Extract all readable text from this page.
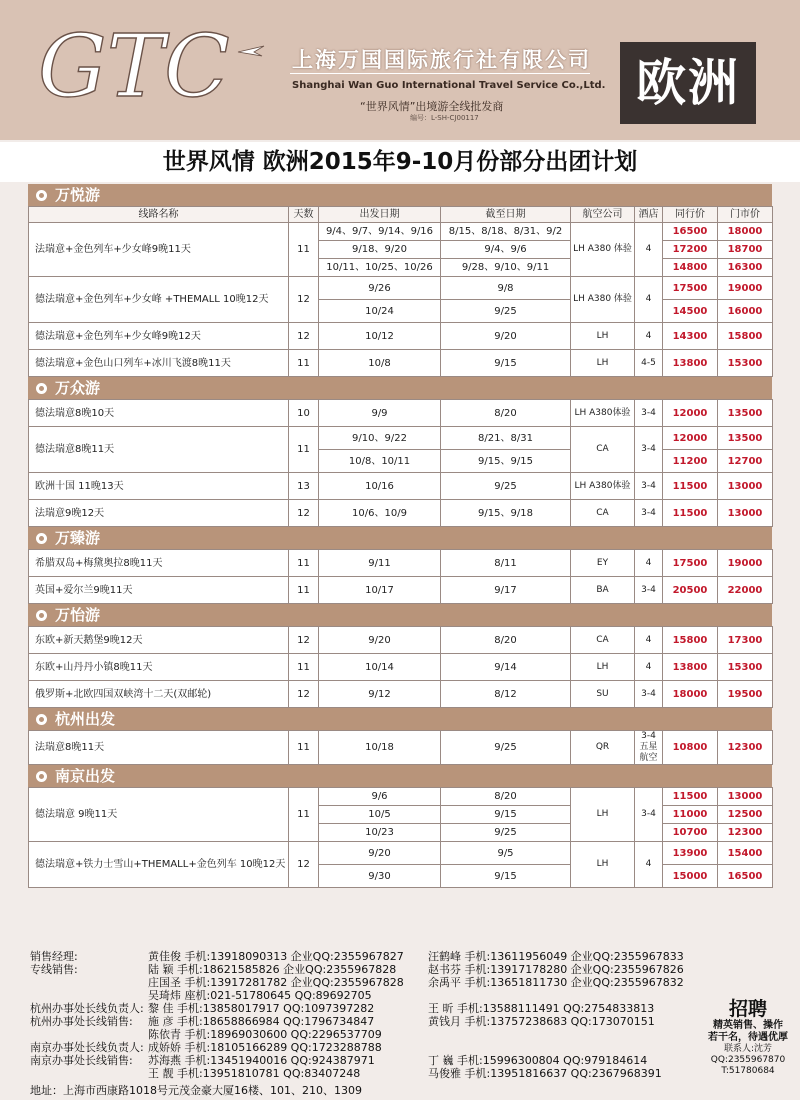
GTC	上海万国国际旅行社有限公司
Shanghai Wan Guo International Travel Service Co.,Ltd.
“世界风情”出境游全线批发商
编号：L-SH-CJ00117
欧洲
世界风情 欧洲2015年9-10月份部分出团计划
万悦游
线路名称	天数	出发日期	截至日期	航空公司	酒店	同行价	门市价
法瑞意+金色列车+少女峰9晚11天	11	9/4、9/7、9/14、9/16	8/15、8/18、8/31、9/2	LH A380 体验	4	16500	18000
		9/18、9/20	9/4、9/6			17200	18700
		10/11、10/25、10/26	9/28、9/10、9/11			14800	16300
德法瑞意+金色列车+少女峰 +THEMALL 10晚12天	12	9/26	9/8	LH A380 体验	4	17500	19000
		10/24	9/25			14500	16000
德法瑞意+金色列车+少女峰9晚12天	12	10/12	9/20	LH	4	14300	15800
德法瑞意+金色山口列车+冰川飞渡8晚11天	11	10/8	9/15	LH	4-5	13800	15300
万众游
德法瑞意8晚10天	10	9/9	8/20	LH A380体验	3-4	12000	13500
德法瑞意8晚11天	11	9/10、9/22	8/21、8/31	CA	3-4	12000	13500
		10/8、10/11	9/15、9/15			11200	12700
欧洲十国 11晚13天	13	10/16	9/25	LH A380体验	3-4	11500	13000
法瑞意9晚12天	12	10/6、10/9	9/15、9/18	CA	3-4	11500	13000
万臻游
希腊双岛+梅黛奥拉8晚11天	11	9/11	8/11	EY	4	17500	19000
英国+爱尔兰9晚11天	11	10/17	9/17	BA	3-4	20500	22000
万怡游
东欧+新天鹅堡9晚12天	12	9/20	8/20	CA	4	15800	17300
东欧+山丹丹小镇8晚11天	11	10/14	9/14	LH	4	13800	15300
俄罗斯+北欧四国双峡湾十二天(双邮轮)	12	9/12	8/12	SU	3-4	18000	19500
杭州出发
法瑞意8晚11天	11	10/18	9/25	QR	3-4 五星 航空	10800	12300
南京出发
德法瑞意 9晚11天	11	9/6	8/20	LH	3-4	11500	13000
		10/5	9/15			11000	12500
		10/23	9/25			10700	12300
德法瑞意+铁力士雪山+THEMALL+金色列车 10晚12天	12	9/20	9/5	LH	4	13900	15400
		9/30	9/15			15000	16500
销售经理:	黄佳俊 手机:13918090313 企业QQ:2355967827	汪鹤峰 手机:13611956049 企业QQ:2355967833
专线销售:	陆 颖 手机:18621585826 企业QQ:2355967828	赵书芬 手机:13917178280 企业QQ:2355967826
庄国圣 手机:13917281782 企业QQ:2355967828	余禹平 手机:13651811730 企业QQ:2355967832
吴琦炜 座机:021-51780645 QQ:89692705
杭州办事处长线负责人: 黎 佳 手机:13858017917 QQ:1097397282	王 昕 手机:13588111491 QQ:2754833813
杭州办事处长线销售:	施 彦 手机:18658866984 QQ:1796734847	黄钱月 手机:13757238683 QQ:173070151
陈依青 手机:18969030600 QQ:2296537709
南京办事处长线负责人: 成娇娇 手机:18105166289 QQ:1723288788
南京办事处长线销售:	苏海燕 手机:13451940016 QQ:924387971	丁 巍 手机:15996300804 QQ:979184614
王 靓 手机:13951810781 QQ:83407248	马俊雅 手机:13951816637 QQ:2367968391
地址：上海市西康路1018号元茂金豪大厦16楼、101、210、1309
招聘
精英销售、操作
若干名，待遇优厚
联系人:沈芳
QQ:2355967870
T:51780684
